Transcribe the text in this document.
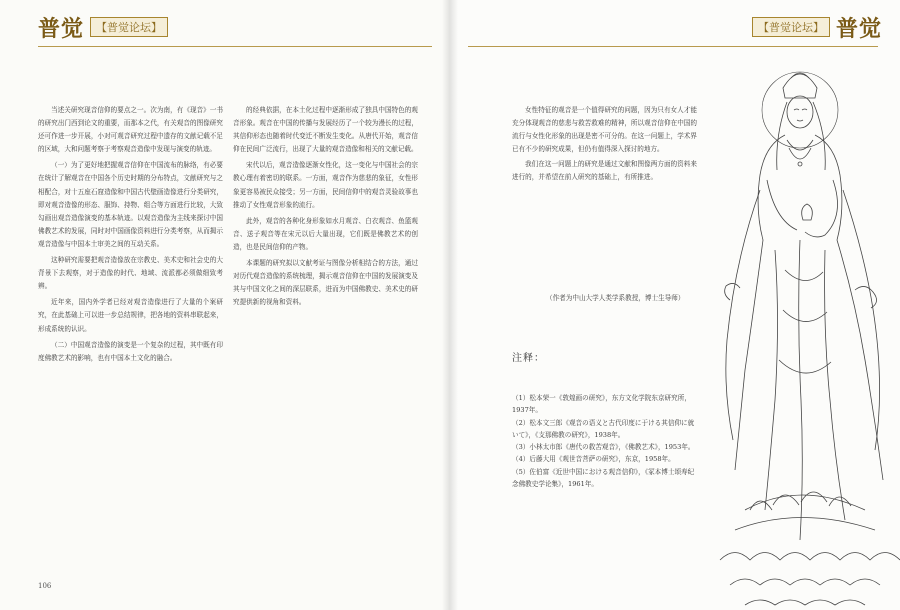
普觉	【普觉论坛】

当述关研究现音信仰的要点之一。次为南，有《现音》一书的研究出门西到论文的重要，而那本之代，有关观音的图像研究还可作进一步开展，小对可观音研究过程中遗存的文献记载不足的区域，大和问题考察于考察观音造像中发现与演变的轨迹。

（一）为了更好地把握观音信仰在中国流布的脉络，有必要在统计了解观音在中国各个历史时期的分布特点，文献研究与之相配合，对十五座石窟造像和中国古代壁画造像进行分类研究，即对观音造像的形态、服饰、持物、组合等方面进行比较，大致勾画出观音造像演变的基本轨迹。以观音造像为主线来探讨中国佛教艺术的发展，同时对中国画像资料进行分类考察，从而揭示观音造像与中国本土审美之间的互动关系。

这种研究需要把观音造像放在宗教史、美术史和社会史的大背景下去观察，对于造像的时代、地域、流派都必须做细致考辨。

近年来，国内外学者已经对观音造像进行了大量的个案研究，在此基础上可以进一步总结规律，把各地的资料串联起来，形成系统的认识。

（二）中国观音造像的演变是一个复杂的过程，其中既有印度佛教艺术的影响，也有中国本土文化的融合。

的经典依据，在本土化过程中逐渐形成了独具中国特色的观音形象。观音在中国的传播与发展经历了一个较为漫长的过程，其信仰形态也随着时代变迁不断发生变化。从唐代开始，观音信仰在民间广泛流行，出现了大量的观音造像和相关的文献记载。

宋代以后，观音造像逐渐女性化，这一变化与中国社会的宗教心理有着密切的联系。一方面，观音作为慈悲的象征，女性形象更容易被民众接受；另一方面，民间信仰中的观音灵验故事也推动了女性观音形象的流行。

此外，观音的各种化身形象如水月观音、白衣观音、鱼篮观音、送子观音等在宋元以后大量出现，它们既是佛教艺术的创造，也是民间信仰的产物。

本课题的研究拟以文献考证与图像分析相结合的方法，通过对历代观音造像的系统梳理，揭示观音信仰在中国的发展演变及其与中国文化之间的深层联系，进而为中国佛教史、美术史的研究提供新的视角和资料。

106
普觉
【普觉论坛】

女性特征的观音是一个值得研究的问题，因为只有女人才能充分体现观音的慈悲与救苦救难的精神，所以观音信仰在中国的流行与女性化形象的出现是密不可分的。在这一问题上，学术界已有不少的研究成果，但仍有值得深入探讨的地方。

我们在这一问题上的研究是通过文献和图像两方面的资料来进行的，并希望在前人研究的基础上，有所推进。

（作者为中山大学人类学系教授，博士生导师）
注释：

（1）松本荣一《敦煌画の研究》，东方文化学院东京研究所，1937年。

（2）松本文三郎《观音の语义と古代印度に于ける其信仰に就いて》，《支那佛教の研究》，1938年。

（3）小林太市郎《唐代の救苦观音》，《佛教艺术》，1953年。

（4）后藤大用《观世音菩萨の研究》，东京，1958年。

（5）佐伯富《近世中国における观音信仰》，《冢本博士颂寿纪念佛教史学论集》，1961年。
